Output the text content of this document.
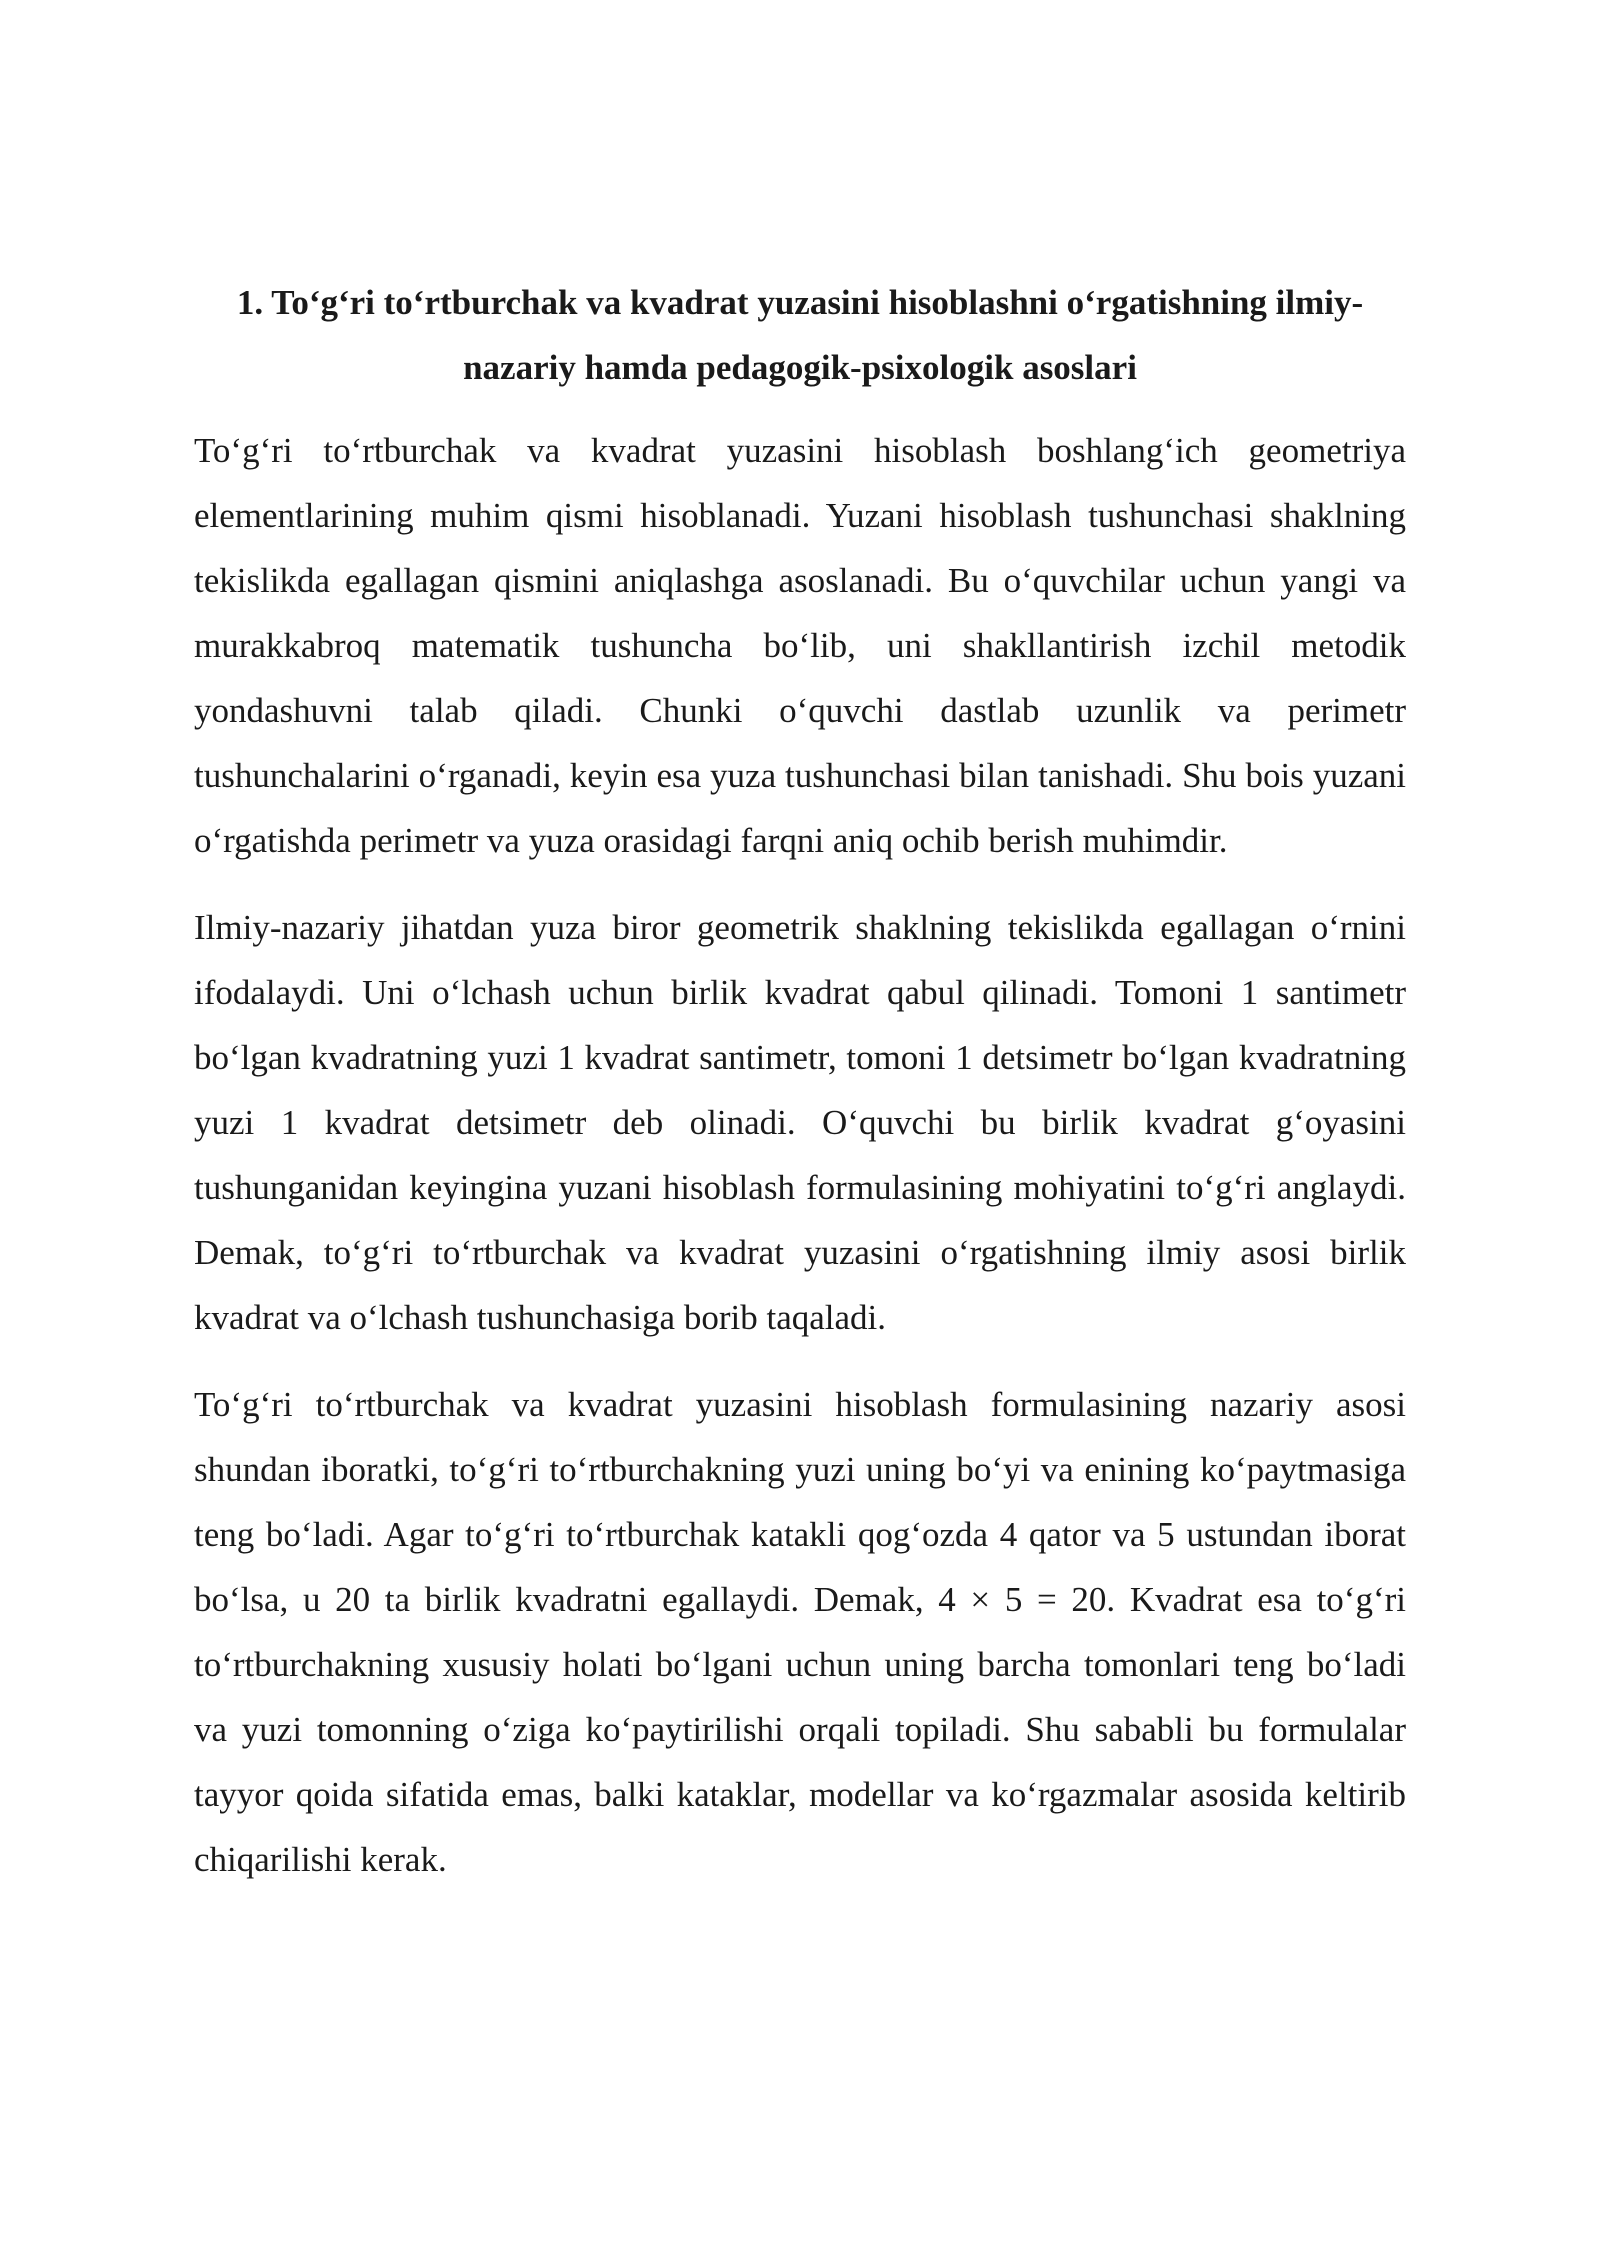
1. To‘g‘ri to‘rtburchak va kvadrat yuzasini hisoblashni o‘rgatishning ilmiy-nazariy hamda pedagogik-psixologik asoslari

To‘g‘ri to‘rtburchak va kvadrat yuzasini hisoblash boshlang‘ich geometriya elementlarining muhim qismi hisoblanadi. Yuzani hisoblash tushunchasi shaklning tekislikda egallagan qismini aniqlashga asoslanadi. Bu o‘quvchilar uchun yangi va murakkabroq matematik tushuncha bo‘lib, uni shakllantirish izchil metodik yondashuvni talab qiladi. Chunki o‘quvchi dastlab uzunlik va perimetr tushunchalarini o‘rganadi, keyin esa yuza tushunchasi bilan tanishadi. Shu bois yuzani o‘rgatishda perimetr va yuza orasidagi farqni aniq ochib berish muhimdir.

Ilmiy-nazariy jihatdan yuza biror geometrik shaklning tekislikda egallagan o‘rnini ifodalaydi. Uni o‘lchash uchun birlik kvadrat qabul qilinadi. Tomoni 1 santimetr bo‘lgan kvadratning yuzi 1 kvadrat santimetr, tomoni 1 detsimetr bo‘lgan kvadratning yuzi 1 kvadrat detsimetr deb olinadi. O‘quvchi bu birlik kvadrat g‘oyasini tushunganidan keyingina yuzani hisoblash formulasining mohiyatini to‘g‘ri anglaydi. Demak, to‘g‘ri to‘rtburchak va kvadrat yuzasini o‘rgatishning ilmiy asosi birlik kvadrat va o‘lchash tushunchasiga borib taqaladi.

To‘g‘ri to‘rtburchak va kvadrat yuzasini hisoblash formulasining nazariy asosi shundan iboratki, to‘g‘ri to‘rtburchakning yuzi uning bo‘yi va enining ko‘paytmasiga teng bo‘ladi. Agar to‘g‘ri to‘rtburchak katakli qog‘ozda 4 qator va 5 ustundan iborat bo‘lsa, u 20 ta birlik kvadratni egallaydi. Demak, 4 × 5 = 20. Kvadrat esa to‘g‘ri to‘rtburchakning xususiy holati bo‘lgani uchun uning barcha tomonlari teng bo‘ladi va yuzi tomonning o‘ziga ko‘paytirilishi orqali topiladi. Shu sababli bu formulalar tayyor qoida sifatida emas, balki kataklar, modellar va ko‘rgazmalar asosida keltirib chiqarilishi kerak.
